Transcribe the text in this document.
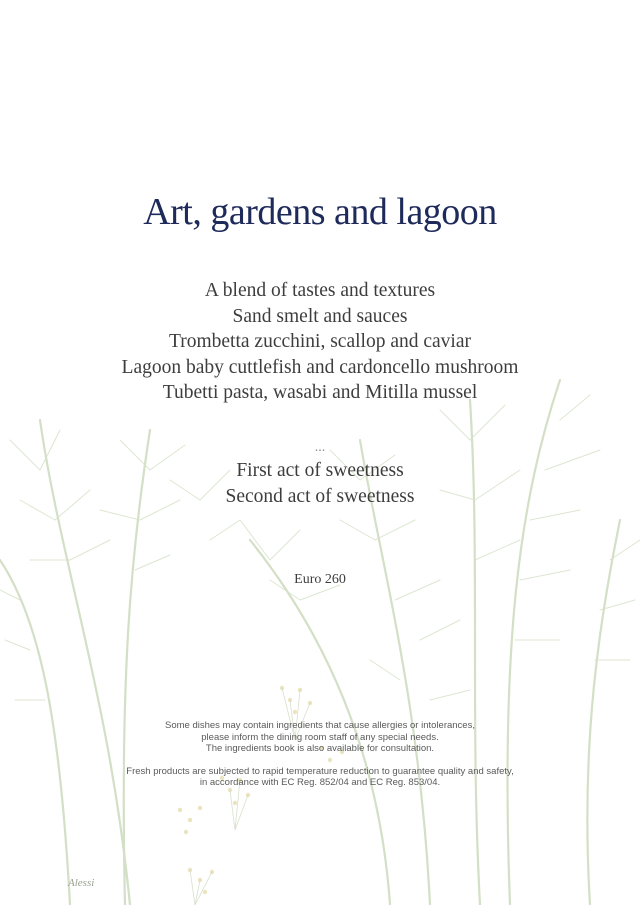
Art, gardens and lagoon
A blend of tastes and textures
Sand smelt and sauces
Trombetta zucchini, scallop and caviar
Lagoon baby cuttlefish and cardoncello mushroom
Tubetti pasta, wasabi and Mitilla mussel
...
First act of sweetness
Second act of sweetness
Euro 260
Some dishes may contain ingredients that cause allergies or intolerances,
please inform the dining room staff of any special needs.
The ingredients book is also available for consultation.
Fresh products are subjected to rapid temperature reduction to guarantee quality and safety,
in accordance with EC Reg. 852/04 and EC Reg. 853/04.
Alessi
